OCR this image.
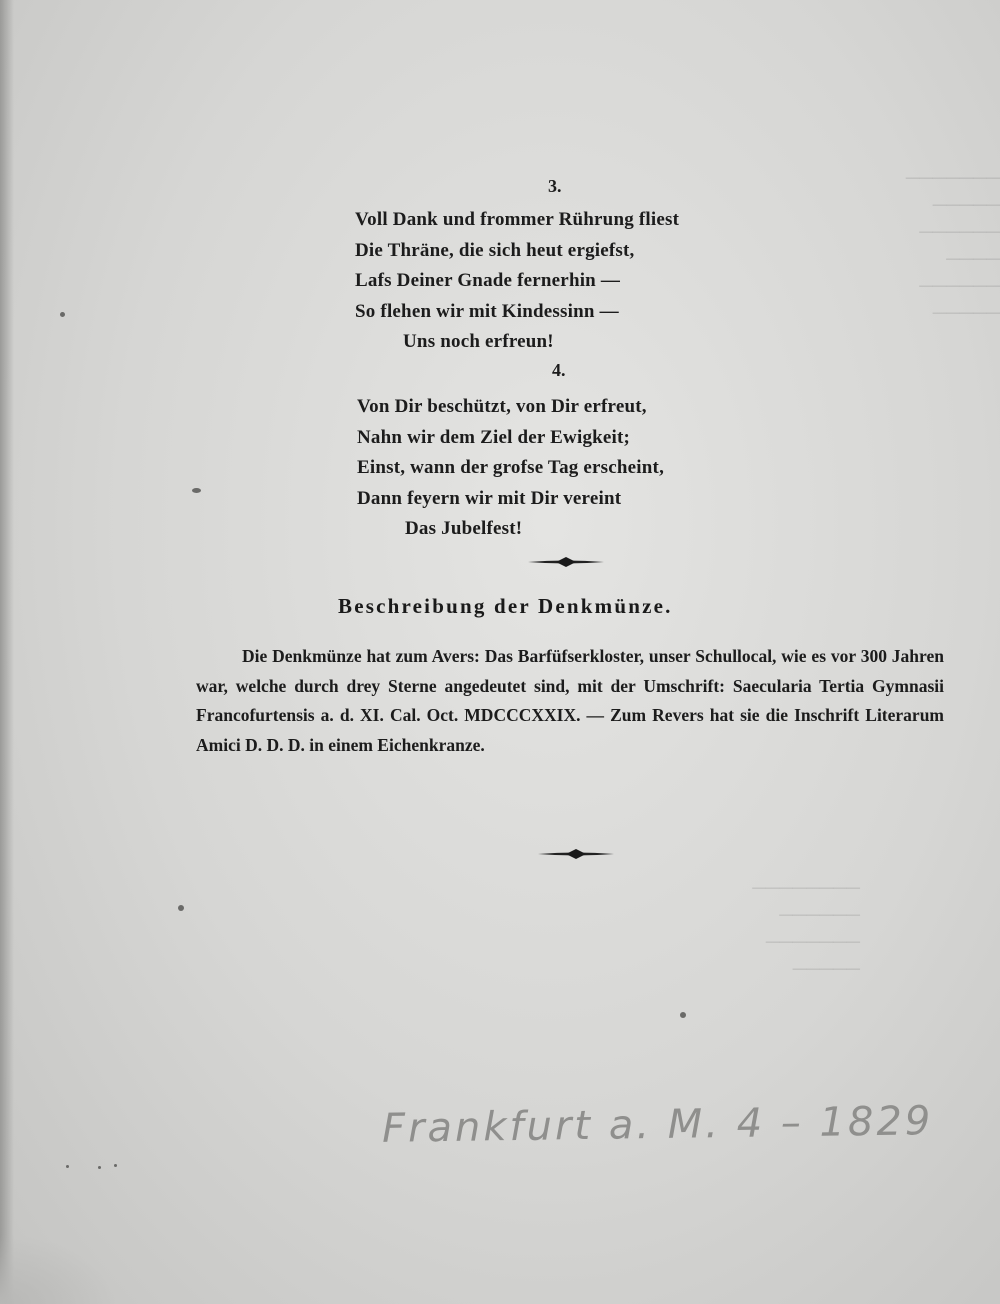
───────
─────
──────
────
──────
─────
────────
──────
───────
─────
3.
Voll Dank und frommer Rührung fliest
Die Thräne, die sich heut ergiefst,
Lafs Deiner Gnade fernerhin —
So flehen wir mit Kindessinn —
Uns noch erfreun!
4.
Von Dir beschützt, von Dir erfreut,
Nahn wir dem Ziel der Ewigkeit;
Einst, wann der grofse Tag erscheint,
Dann feyern wir mit Dir vereint
Das Jubelfest!
Beschreibung der Denkmünze.
Die Denkmünze hat zum Avers: Das Barfüfserkloster, unser Schullocal, wie es vor 300 Jahren war, welche durch drey Sterne angedeutet sind, mit der Umschrift: Saecularia Tertia Gymnasii Francofurtensis a. d. XI. Cal. Oct. MDCCCXXIX. — Zum Revers hat sie die Inschrift Literarum Amici D. D. D. in einem Eichenkranze.
Frankfurt a. M. 4 – 1829
